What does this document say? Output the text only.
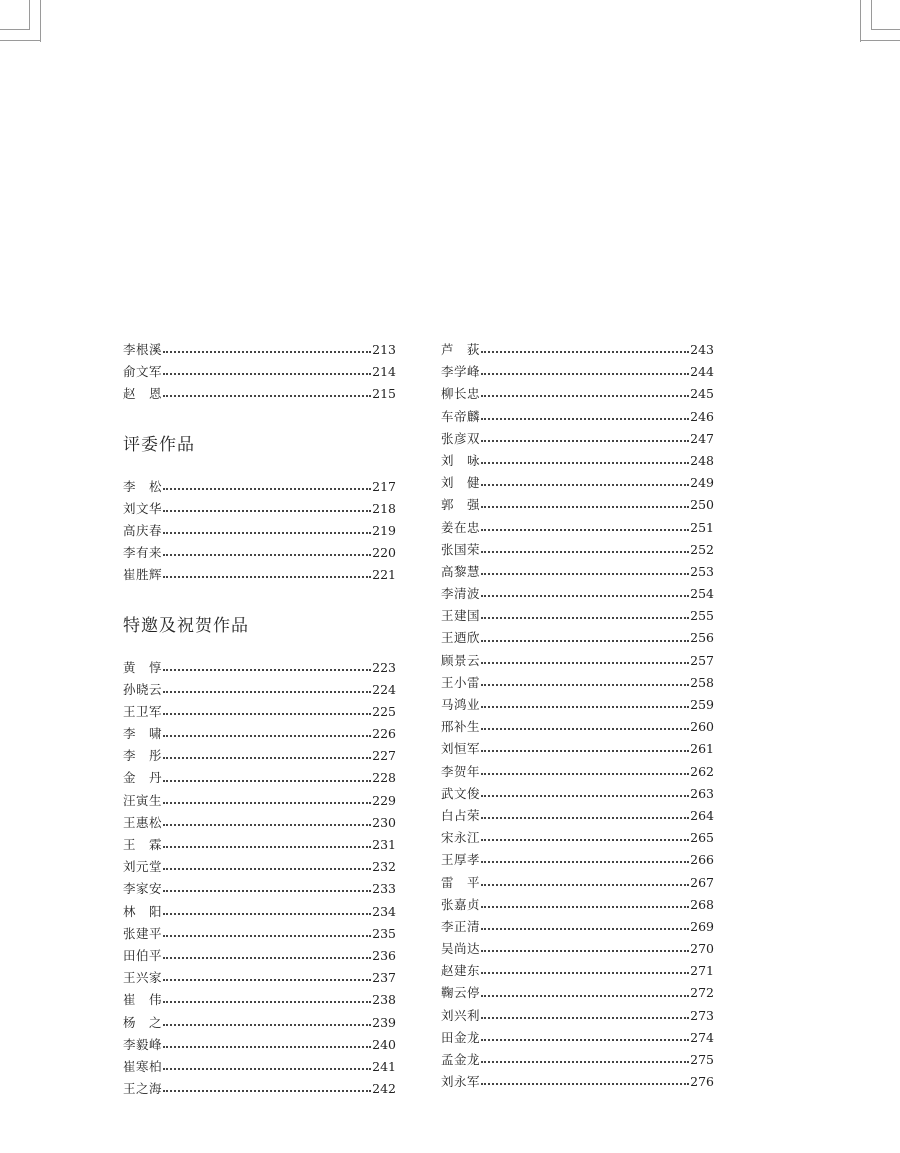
李根溪	213
俞文军	214
赵　恩	215
评委作品
李　松	217
刘文华	218
高庆春	219
李有来	220
崔胜辉	221
特邀及祝贺作品
黄　惇	223
孙晓云	224
王卫军	225
李　啸	226
李　彤	227
金　丹	228
汪寅生	229
王惠松	230
王　霖	231
刘元堂	232
李家安	233
林　阳	234
张建平	235
田伯平	236
王兴家	237
崔　伟	238
杨　之	239
李毅峰	240
崔寒柏	241
王之海	242
芦　荻	243
李学峰	244
柳长忠	245
车帝麟	246
张彦双	247
刘　咏	248
刘　健	249
郭　强	250
姜在忠	251
张国荣	252
高黎慧	253
李清波	254
王建国	255
王迺欣	256
顾景云	257
王小雷	258
马鸿业	259
邢补生	260
刘恒军	261
李贺年	262
武文俊	263
白占荣	264
宋永江	265
王厚孝	266
雷　平	267
张嘉贞	268
李正清	269
吴尚达	270
赵建东	271
鞠云停	272
刘兴利	273
田金龙	274
孟金龙	275
刘永军	276
